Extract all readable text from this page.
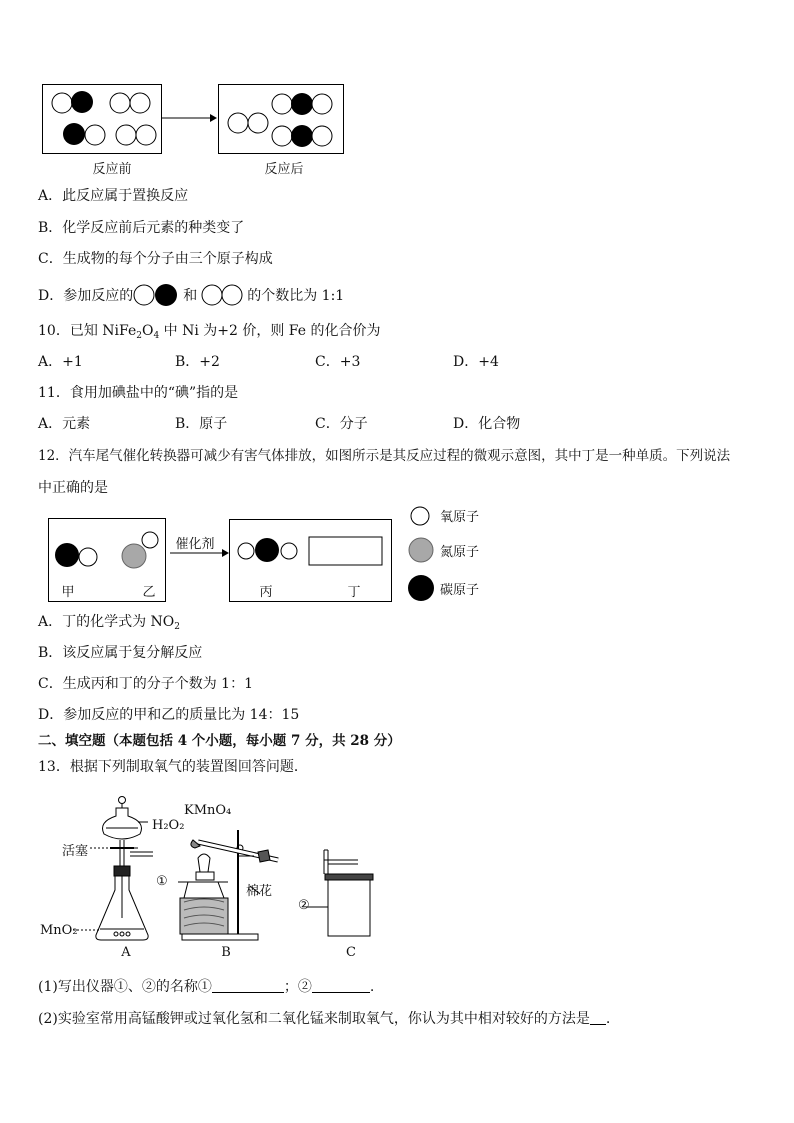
反应前	反应后
A．此反应属于置换反应
B．化学反应前后元素的种类变了
C．生成物的每个分子由三个原子构成
D．参加反应的	和	的个数比为 1:1
10．已知 $NiFe_2O_4$ 中 Ni 为+2 价，则 Fe 的化合价为
A．+1	B．+2	C．+3	D．+4
11．食用加碘盐中的“碘”指的是
A．元素	B．原子	C．分子	D．化合物
12．汽车尾气催化转换器可减少有害气体排放，如图所示是其反应过程的微观示意图，其中丁是一种单质。下列说法
中正确的是
甲	乙
催化剂
丙	丁
氧原子
氮原子
碳原子
A．丁的化学式为 $NO_2$
B．该反应属于复分解反应
C．生成丙和丁的分子个数为 1：1
D．参加反应的甲和乙的质量比为 14：15
二、填空题（本题包括 4 个小题，每小题 7 分，共 28 分）
13．根据下列制取氧气的装置图回答问题．
H₂O₂
活塞
MnO₂
A
KMnO₄
①
棉花
B
②
C
(1)写出仪器①、②的名称①	；②	.
(2)实验室常用高锰酸钾或过氧化氢和二氧化锰来制取氧气，你认为其中相对较好的方法是 .
